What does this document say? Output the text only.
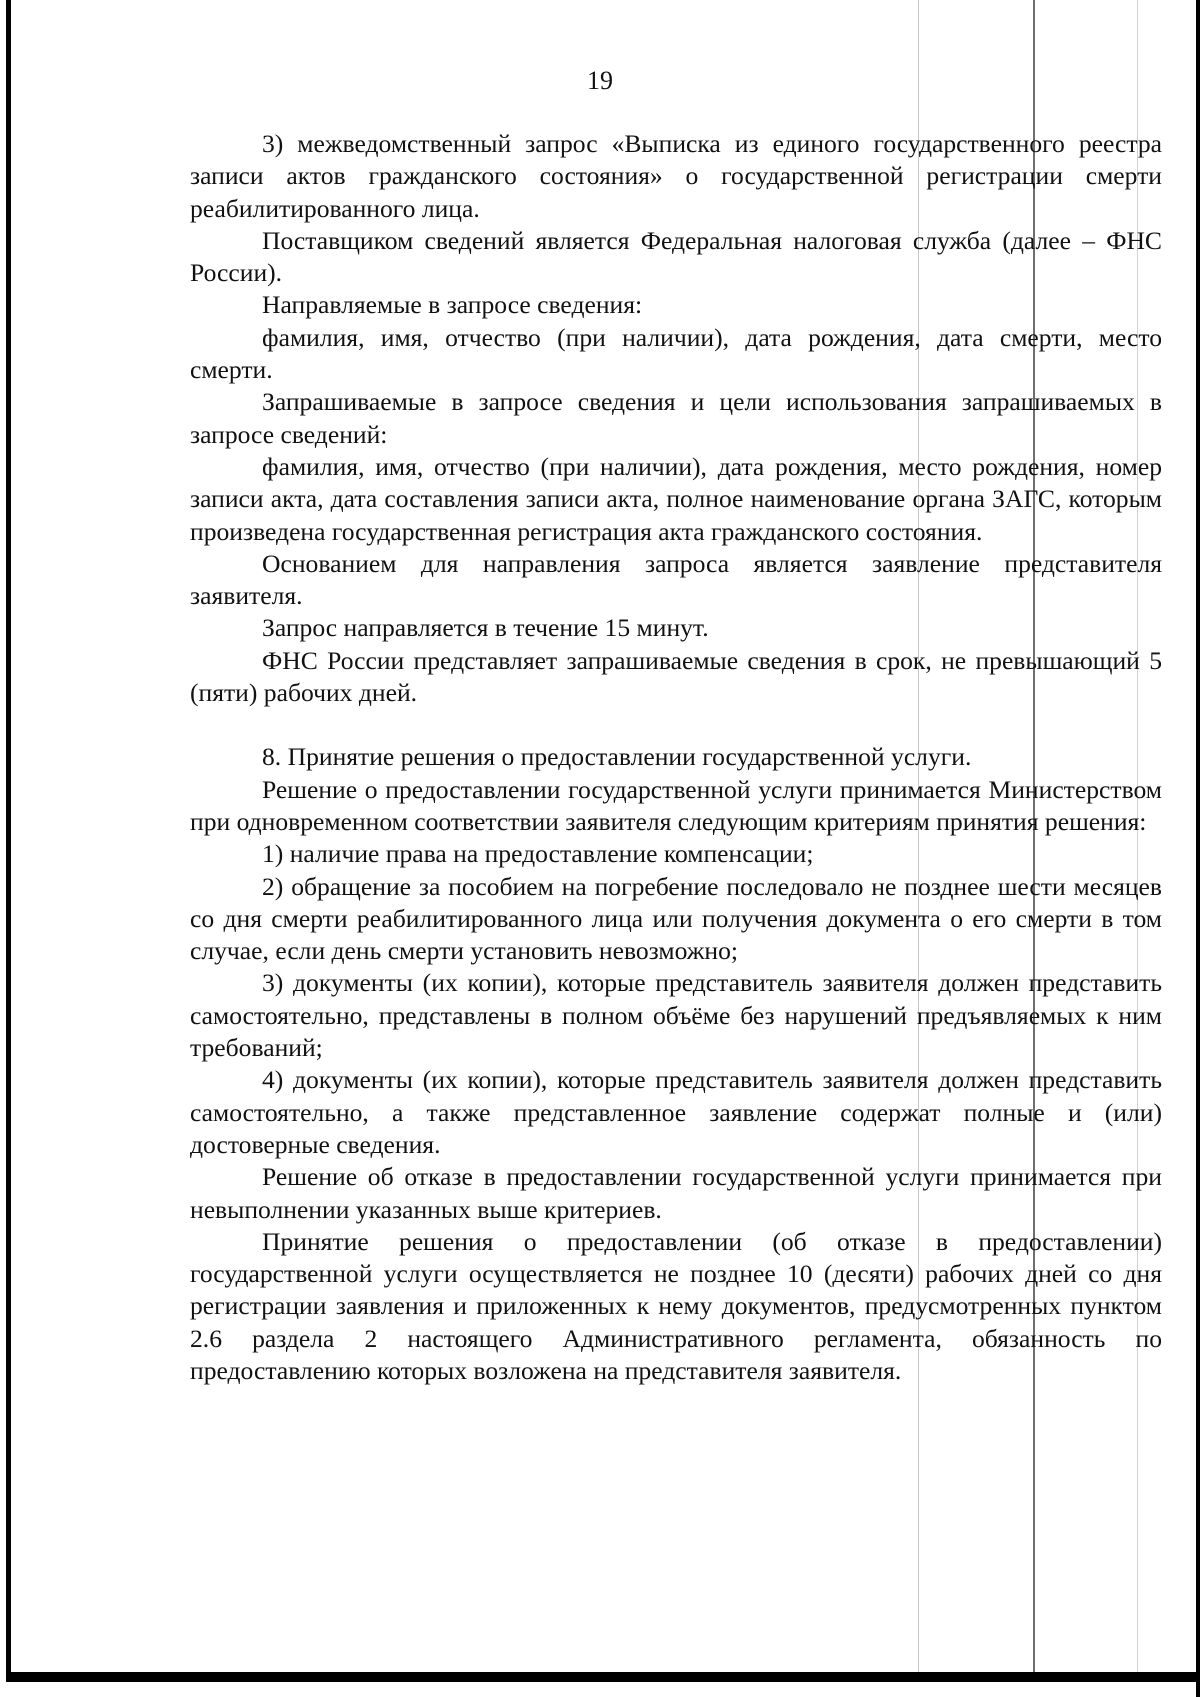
19

3) межведомственный запрос «Выписка из единого государственного реестра записи актов гражданского состояния» о государственной регистрации смерти реабилитированного лица.

Поставщиком сведений является Федеральная налоговая служба (далее – ФНС России).

Направляемые в запросе сведения:

фамилия, имя, отчество (при наличии), дата рождения, дата смерти, место смерти.

Запрашиваемые в запросе сведения и цели использования запрашиваемых в запросе сведений:

фамилия, имя, отчество (при наличии), дата рождения, место рождения, номер записи акта, дата составления записи акта, полное наименование органа ЗАГС, которым произведена государственная регистрация акта гражданского состояния.

Основанием для направления запроса является заявление представителя заявителя.

Запрос направляется в течение 15 минут.

ФНС России представляет запрашиваемые сведения в срок, не превышающий 5 (пяти) рабочих дней.

8. Принятие решения о предоставлении государственной услуги.

Решение о предоставлении государственной услуги принимается Министерством при одновременном соответствии заявителя следующим критериям принятия решения:

1) наличие права на предоставление компенсации;

2) обращение за пособием на погребение последовало не позднее шести месяцев со дня смерти реабилитированного лица или получения документа о его смерти в том случае, если день смерти установить невозможно;

3) документы (их копии), которые представитель заявителя должен представить самостоятельно, представлены в полном объёме без нарушений предъявляемых к ним требований;

4) документы (их копии), которые представитель заявителя должен представить самостоятельно, а также представленное заявление содержат полные и (или) достоверные сведения.

Решение об отказе в предоставлении государственной услуги принимается при невыполнении указанных выше критериев.

Принятие решения о предоставлении (об отказе в предоставлении) государственной услуги осуществляется не позднее 10 (десяти) рабочих дней со дня регистрации заявления и приложенных к нему документов, предусмотренных пунктом 2.6 раздела 2 настоящего Административного регламента, обязанность по предоставлению которых возложена на представителя заявителя.
